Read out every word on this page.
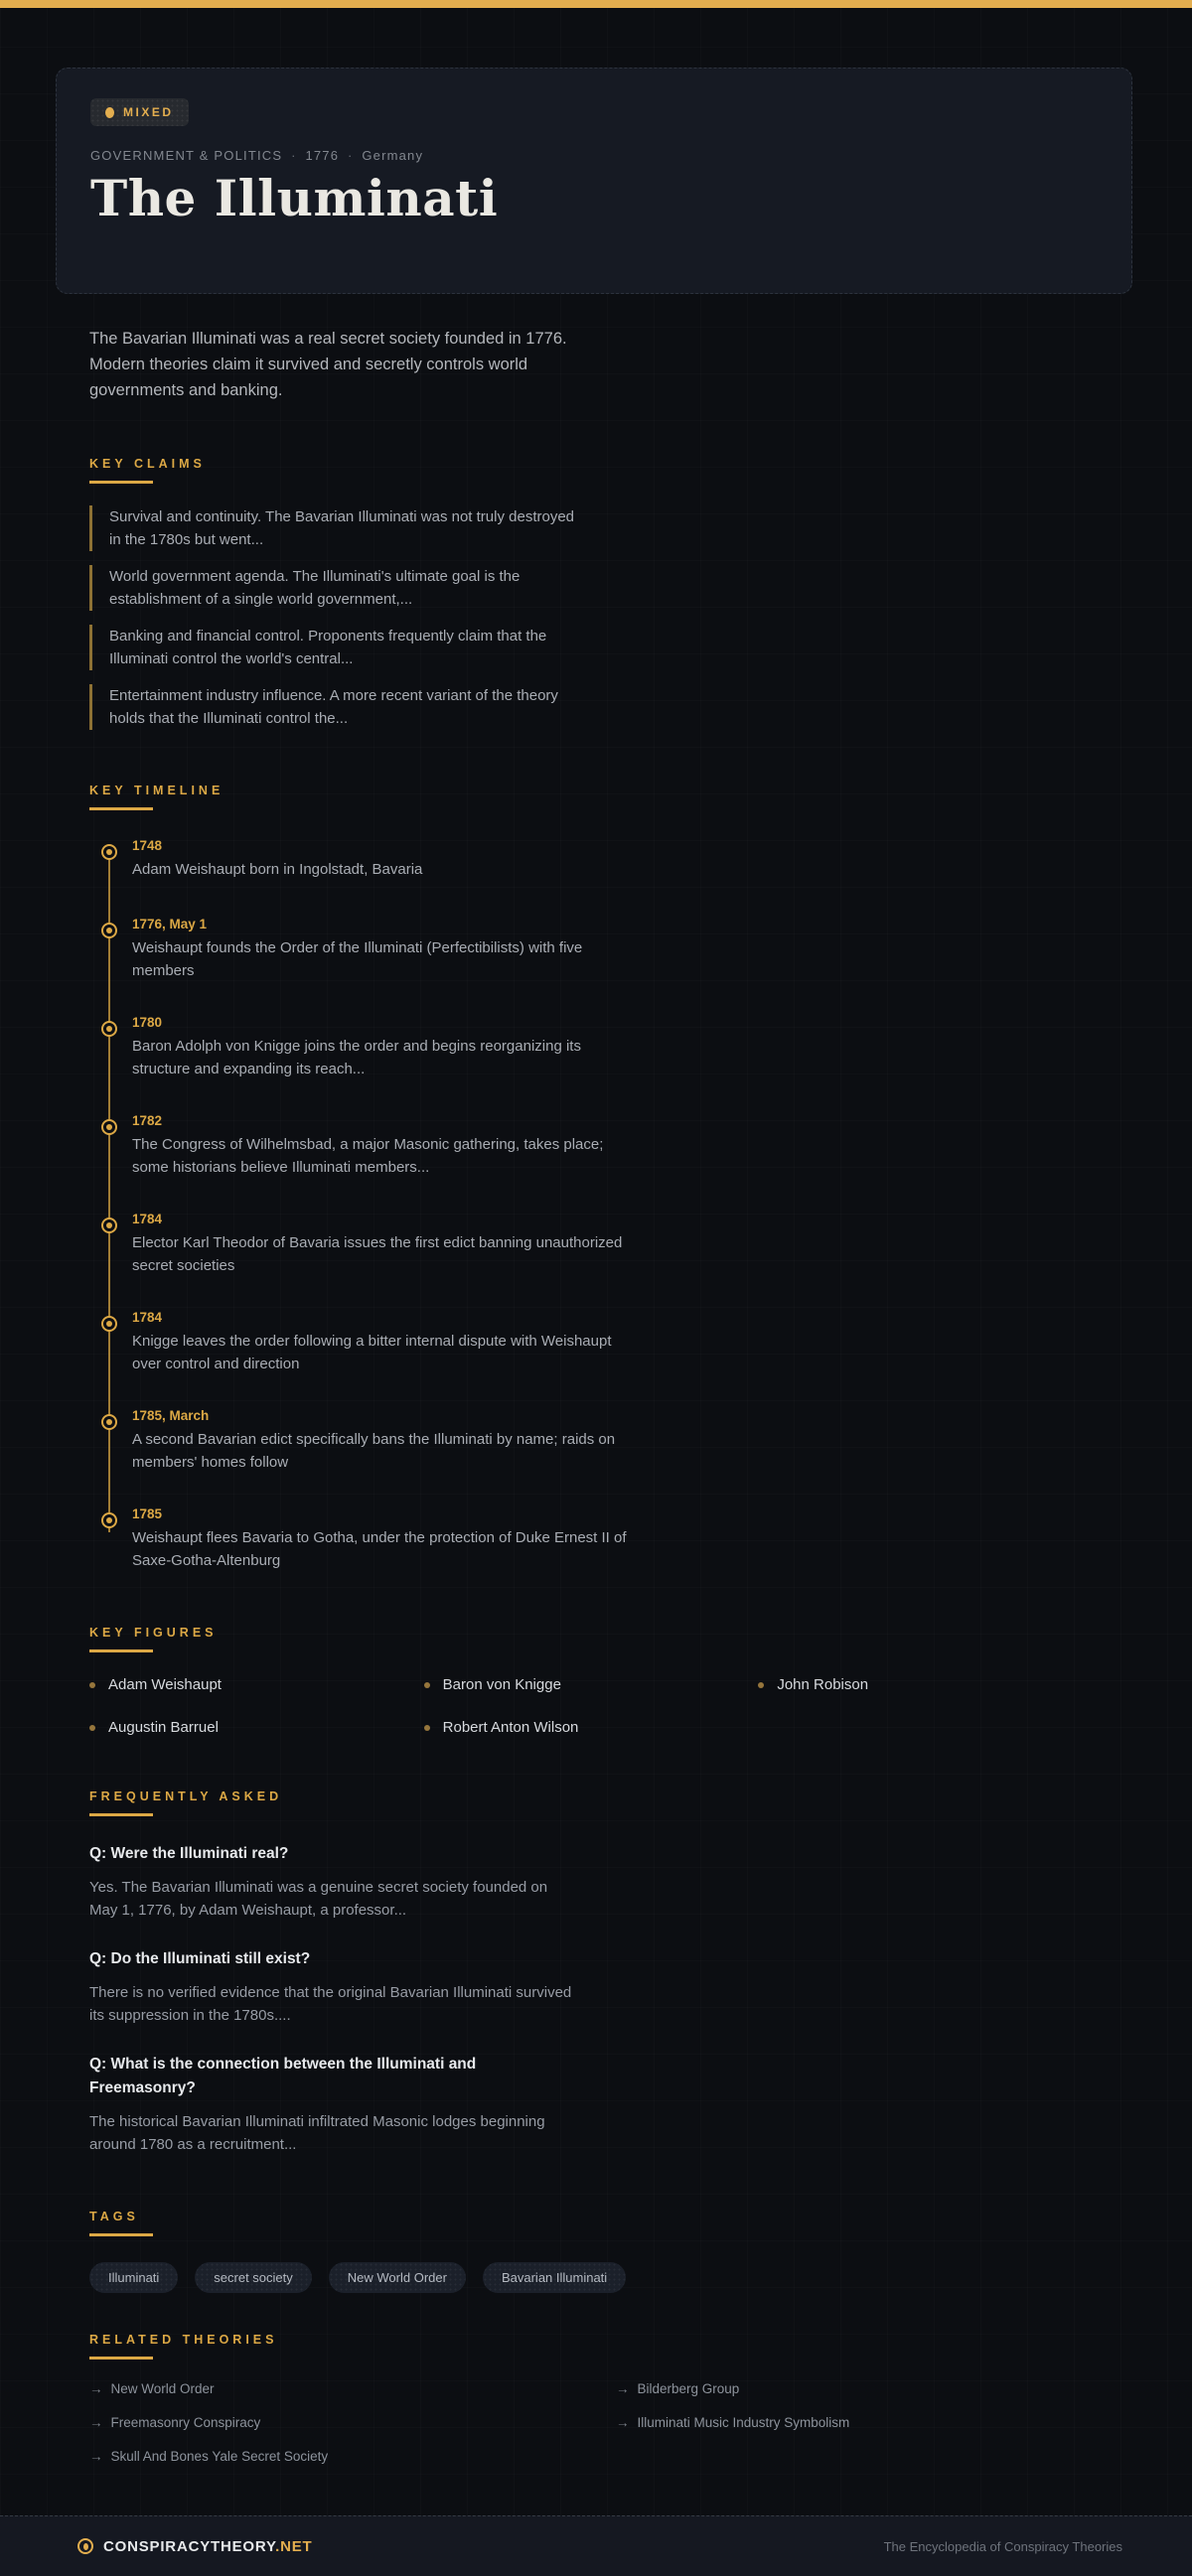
MIXED
GOVERNMENT & POLITICS · 1776 · Germany
The Illuminati

The Bavarian Illuminati was a real secret society founded in 1776. Modern theories claim it survived and secretly controls world governments and banking.

KEY CLAIMS
Survival and continuity. The Bavarian Illuminati was not truly destroyed in the 1780s but went...
World government agenda. The Illuminati's ultimate goal is the establishment of a single world government,...
Banking and financial control. Proponents frequently claim that the Illuminati control the world's central...
Entertainment industry influence. A more recent variant of the theory holds that the Illuminati control the...
KEY TIMELINE
1748
Adam Weishaupt born in Ingolstadt, Bavaria
1776, May 1
Weishaupt founds the Order of the Illuminati (Perfectibilists) with five members
1780
Baron Adolph von Knigge joins the order and begins reorganizing its structure and expanding its reach...
1782
The Congress of Wilhelmsbad, a major Masonic gathering, takes place; some historians believe Illuminati members...
1784
Elector Karl Theodor of Bavaria issues the first edict banning unauthorized secret societies
1784
Knigge leaves the order following a bitter internal dispute with Weishaupt over control and direction
1785, March
A second Bavarian edict specifically bans the Illuminati by name; raids on members' homes follow
1785
Weishaupt flees Bavaria to Gotha, under the protection of Duke Ernest II of Saxe-Gotha-Altenburg
KEY FIGURES
Adam Weishaupt	Baron von Knigge	John Robison
Augustin Barruel	Robert Anton Wilson
FREQUENTLY ASKED
Q: Were the Illuminati real?
Yes. The Bavarian Illuminati was a genuine secret society founded on May 1, 1776, by Adam Weishaupt, a professor...
Q: Do the Illuminati still exist?
There is no verified evidence that the original Bavarian Illuminati survived its suppression in the 1780s....
Q: What is the connection between the Illuminati and Freemasonry?
The historical Bavarian Illuminati infiltrated Masonic lodges beginning around 1780 as a recruitment...
TAGS
Illuminati	secret society	New World Order	Bavarian Illuminati
RELATED THEORIES
→ New World Order	→ Bilderberg Group
→ Freemasonry Conspiracy	→ Illuminati Music Industry Symbolism
→ Skull And Bones Yale Secret Society
CONSPIRACYTHEORY.NET	The Encyclopedia of Conspiracy Theories
